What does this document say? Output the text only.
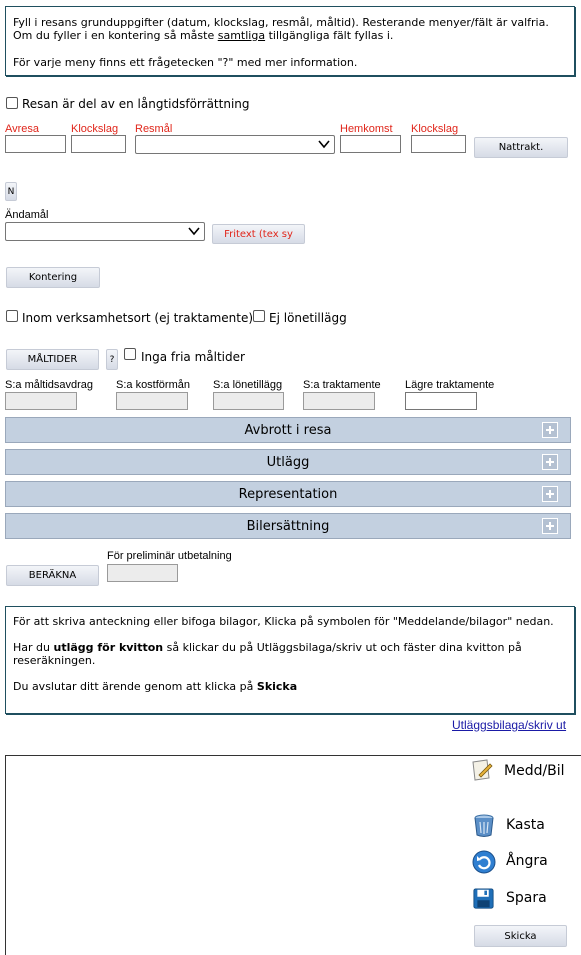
Fyll i resans grunduppgifter (datum, klockslag, resmål, måltid). Resterande menyer/fält är valfria.

Om du fyller i en kontering så måste samtliga tillgängliga fält fyllas i.

För varje meny finns ett frågetecken "?" med mer information.

Resan är del av en långtidsförrättning
Avresa	Klockslag Resmål	Hemkomst Klockslag
Nattrakt.
N
Ändamål
Fritext (tex sy
Kontering
Inom verksamhetsort (ej traktamente) Ej lönetillägg
MÅLTIDER	?	Inga fria måltider
S:a måltidsavdrag S:a kostförmån S:a lönetillägg S:a traktamente Lägre traktamente
Avbrott i resa
Utlägg
Representation
Bilersättning
För preliminär utbetalning
BERÄKNA

För att skriva anteckning eller bifoga bilagor, Klicka på symbolen för "Meddelande/bilagor" nedan.

Har du utlägg för kvitton så klickar du på Utläggsbilaga/skriv ut och fäster dina kvitton på reseräkningen.

Du avslutar ditt ärende genom att klicka på Skicka

Utläggsbilaga/skriv ut
Medd/Bil
Kasta
Ångra
Spara
Skicka
